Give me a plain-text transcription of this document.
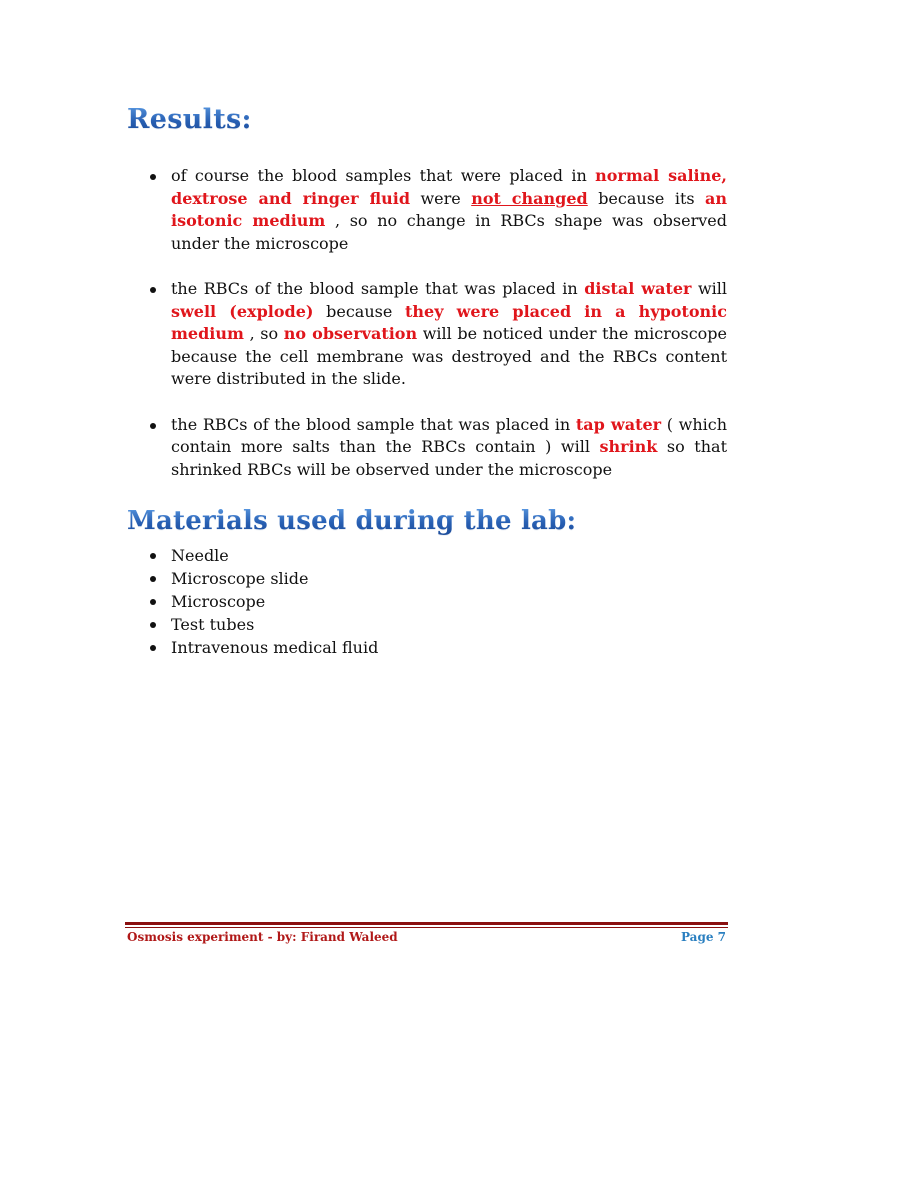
Results:
of course the blood samples that were placed in normal saline, dextrose and ringer fluid were not changed because its an isotonic medium , so no change in RBCs shape was observed under the microscope
the RBCs of the blood sample that was placed in distal water will swell (explode) because they were placed in a hypotonic medium , so no observation will be noticed under the microscope because the cell membrane was destroyed and the RBCs content were distributed in the slide.
the RBCs of the blood sample that was placed in tap water ( which contain more salts than the RBCs contain ) will shrink so that shrinked RBCs will be observed under the microscope
Materials used during the lab:
Needle
Microscope slide
Microscope
Test tubes
Intravenous medical fluid
Osmosis experiment - by: Firand Waleed	Page 7
